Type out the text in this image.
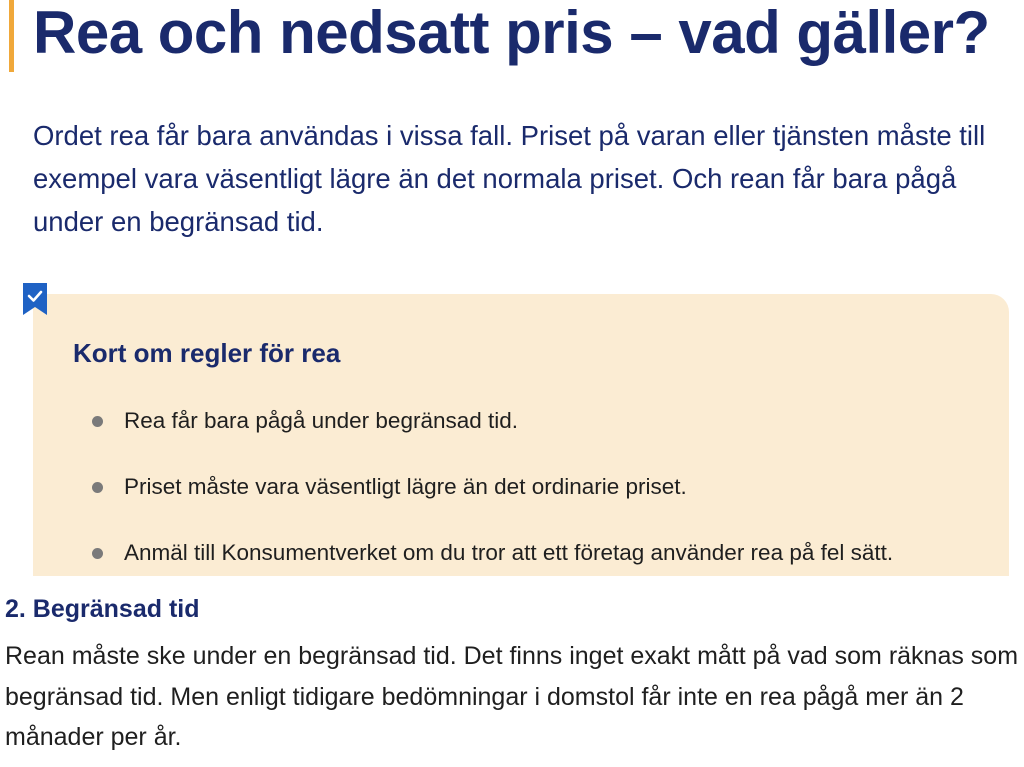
Rea och nedsatt pris – vad gäller?

Ordet rea får bara användas i vissa fall. Priset på varan eller tjänsten måste till exempel vara väsentligt lägre än det normala priset. Och rean får bara pågå under en begränsad tid.

Kort om regler för rea
Rea får bara pågå under begränsad tid.
Priset måste vara väsentligt lägre än det ordinarie priset.
Anmäl till Konsumentverket om du tror att ett företag använder rea på fel sätt.
2. Begränsad tid

Rean måste ske under en begränsad tid. Det finns inget exakt mått på vad som räknas som begränsad tid. Men enligt tidigare bedömningar i domstol får inte en rea pågå mer än 2 månader per år.
